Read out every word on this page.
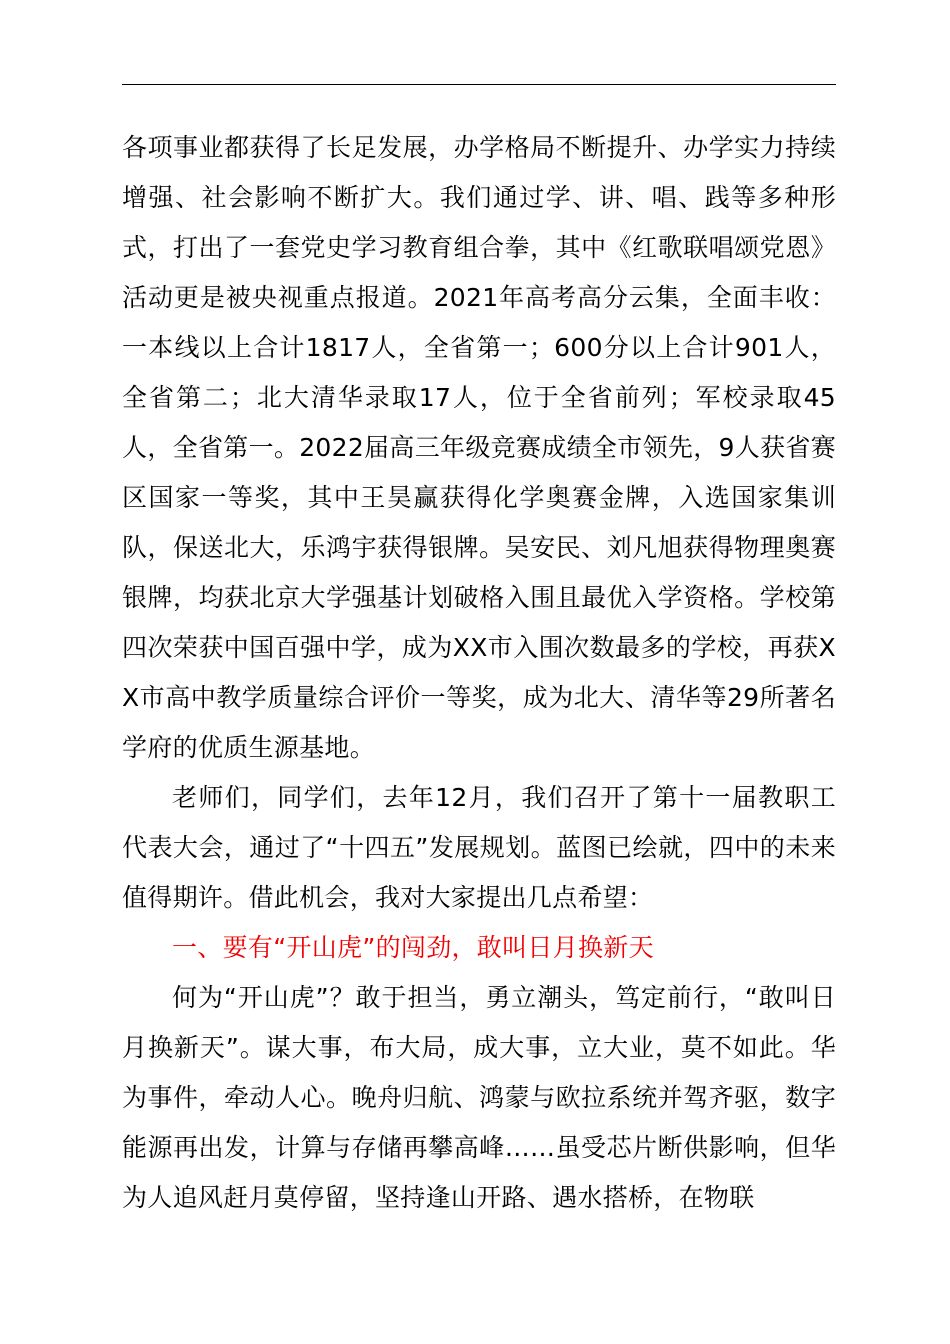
各项事业都获得了长足发展，办学格局不断提升、办学实力持续增强、社会影响不断扩大。我们通过学、讲、唱、践等多种形式，打出了一套党史学习教育组合拳，其中《红歌联唱颂党恩》活动更是被央视重点报道。2021年高考高分云集，全面丰收：一本线以上合计1817人，全省第一；600分以上合计901人，全省第二；北大清华录取17人，位于全省前列；军校录取45人，全省第一。2022届高三年级竞赛成绩全市领先，9人获省赛区国家一等奖，其中王昊赢获得化学奥赛金牌，入选国家集训队，保送北大，乐鸿宇获得银牌。吴安民、刘凡旭获得物理奥赛银牌，均获北京大学强基计划破格入围且最优入学资格。学校第四次荣获中国百强中学，成为XX市入围次数最多的学校，再获XX市高中教学质量综合评价一等奖，成为北大、清华等29所著名学府的优质生源基地。

老师们，同学们，去年12月，我们召开了第十一届教职工代表大会，通过了“十四五”发展规划。蓝图已绘就，四中的未来值得期许。借此机会，我对大家提出几点希望：

一、要有“开山虎”的闯劲，敢叫日月换新天

何为“开山虎”？敢于担当，勇立潮头，笃定前行，“敢叫日月换新天”。谋大事，布大局，成大事，立大业，莫不如此。华为事件，牵动人心。晚舟归航、鸿蒙与欧拉系统并驾齐驱，数字能源再出发，计算与存储再攀高峰……虽受芯片断供影响，但华为人追风赶月莫停留，坚持逢山开路、遇水搭桥，在物联
